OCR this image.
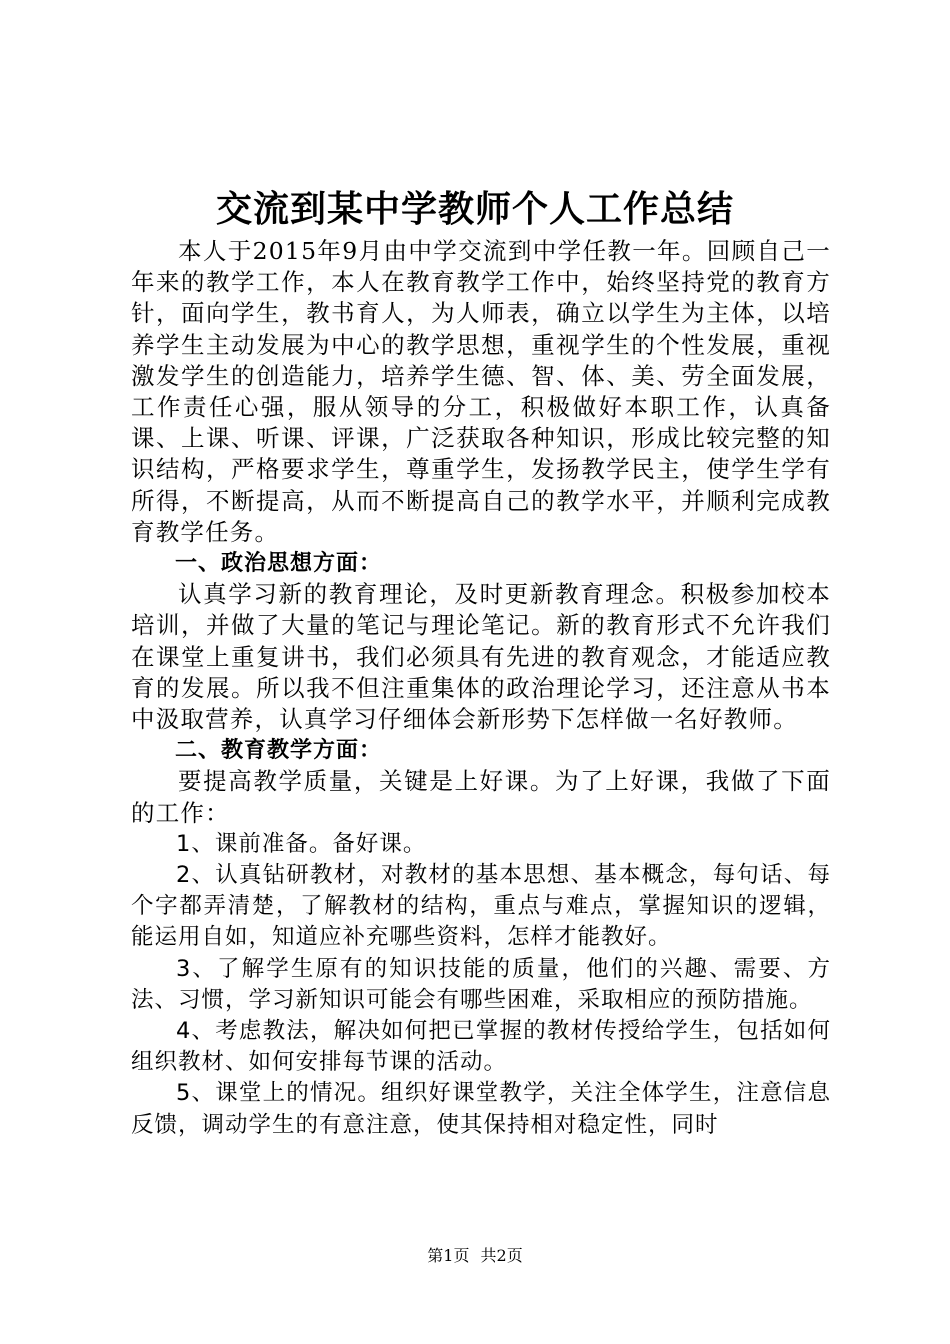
交流到某中学教师个人工作总结

本人于2015年9月由中学交流到中学任教一年。回顾自己一年来的教学工作，本人在教育教学工作中，始终坚持党的教育方针，面向学生，教书育人，为人师表，确立以学生为主体，以培养学生主动发展为中心的教学思想，重视学生的个性发展，重视激发学生的创造能力，培养学生德、智、体、美、劳全面发展，工作责任心强，服从领导的分工，积极做好本职工作，认真备课、上课、听课、评课，广泛获取各种知识，形成比较完整的知识结构，严格要求学生，尊重学生，发扬教学民主，使学生学有所得，不断提高，从而不断提高自己的教学水平，并顺利完成教育教学任务。

一、政治思想方面：

认真学习新的教育理论，及时更新教育理念。积极参加校本培训，并做了大量的笔记与理论笔记。新的教育形式不允许我们在课堂上重复讲书，我们必须具有先进的教育观念，才能适应教育的发展。所以我不但注重集体的政治理论学习，还注意从书本中汲取营养，认真学习仔细体会新形势下怎样做一名好教师。

二、教育教学方面：

要提高教学质量，关键是上好课。为了上好课，我做了下面的工作：

1、课前准备。备好课。

2、认真钻研教材，对教材的基本思想、基本概念，每句话、每个字都弄清楚，了解教材的结构，重点与难点，掌握知识的逻辑，能运用自如，知道应补充哪些资料，怎样才能教好。

3、了解学生原有的知识技能的质量，他们的兴趣、需要、方法、习惯，学习新知识可能会有哪些困难，采取相应的预防措施。

4、考虑教法，解决如何把已掌握的教材传授给学生，包括如何组织教材、如何安排每节课的活动。

5、课堂上的情况。组织好课堂教学，关注全体学生，注意信息反馈，调动学生的有意注意，使其保持相对稳定性，同时

第1页 共2页
